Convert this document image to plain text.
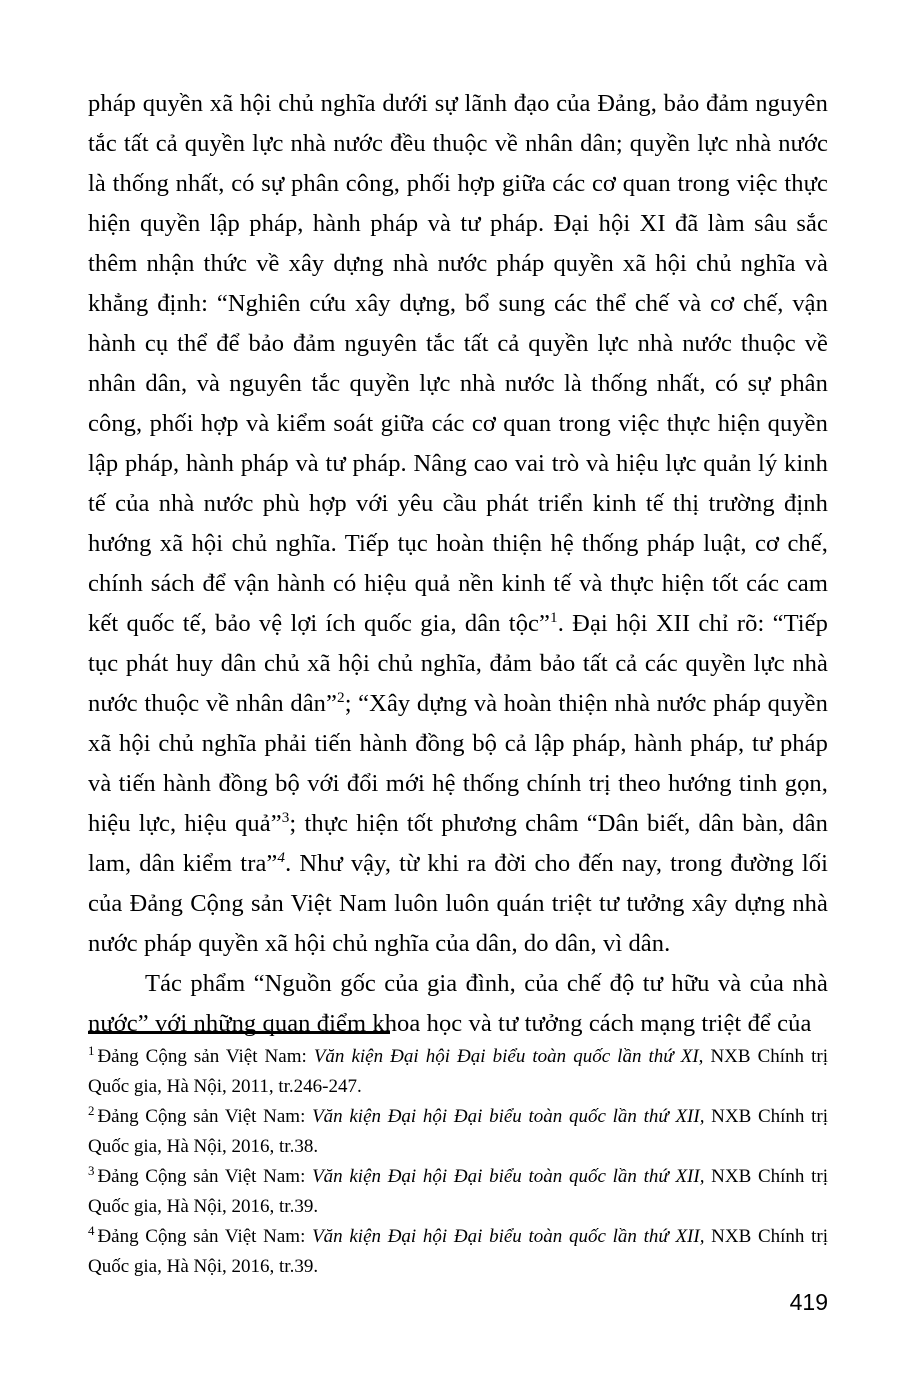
pháp quyền xã hội chủ nghĩa dưới sự lãnh đạo của Đảng, bảo đảm nguyên tắc tất cả quyền lực nhà nước đều thuộc về nhân dân; quyền lực nhà nước là thống nhất, có sự phân công, phối hợp giữa các cơ quan trong việc thực hiện quyền lập pháp, hành pháp và tư pháp. Đại hội XI đã làm sâu sắc thêm nhận thức về xây dựng nhà nước pháp quyền xã hội chủ nghĩa và khẳng định: “Nghiên cứu xây dựng, bổ sung các thể chế và cơ chế, vận hành cụ thể để bảo đảm nguyên tắc tất cả quyền lực nhà nước thuộc về nhân dân, và nguyên tắc quyền lực nhà nước là thống nhất, có sự phân công, phối hợp và kiểm soát giữa các cơ quan trong việc thực hiện quyền lập pháp, hành pháp và tư pháp. Nâng cao vai trò và hiệu lực quản lý kinh tế của nhà nước phù hợp với yêu cầu phát triển kinh tế thị trường định hướng xã hội chủ nghĩa. Tiếp tục hoàn thiện hệ thống pháp luật, cơ chế, chính sách để vận hành có hiệu quả nền kinh tế và thực hiện tốt các cam kết quốc tế, bảo vệ lợi ích quốc gia, dân tộc”$^1$. Đại hội XII chỉ rõ: “Tiếp tục phát huy dân chủ xã hội chủ nghĩa, đảm bảo tất cả các quyền lực nhà nước thuộc về nhân dân”$^2$; “Xây dựng và hoàn thiện nhà nước pháp quyền xã hội chủ nghĩa phải tiến hành đồng bộ cả lập pháp, hành pháp, tư pháp và tiến hành đồng bộ với đổi mới hệ thống chính trị theo hướng tinh gọn, hiệu lực, hiệu quả”$^3$; thực hiện tốt phương châm “Dân biết, dân bàn, dân lam, dân kiểm tra”$^4$. Như vậy, từ khi ra đời cho đến nay, trong đường lối của Đảng Cộng sản Việt Nam luôn luôn quán triệt tư tưởng xây dựng nhà nước pháp quyền xã hội chủ nghĩa của dân, do dân, vì dân.

Tác phẩm “Nguồn gốc của gia đình, của chế độ tư hữu và của nhà nước” với những quan điểm khoa học và tư tưởng cách mạng triệt để của

$^1$ Đảng Cộng sản Việt Nam: Văn kiện Đại hội Đại biểu toàn quốc lần thứ XI, NXB Chính trị Quốc gia, Hà Nội, 2011, tr.246-247.

$^2$ Đảng Cộng sản Việt Nam: Văn kiện Đại hội Đại biểu toàn quốc lần thứ XII, NXB Chính trị Quốc gia, Hà Nội, 2016, tr.38.

$^3$ Đảng Cộng sản Việt Nam: Văn kiện Đại hội Đại biểu toàn quốc lần thứ XII, NXB Chính trị Quốc gia, Hà Nội, 2016, tr.39.

$^4$ Đảng Cộng sản Việt Nam: Văn kiện Đại hội Đại biểu toàn quốc lần thứ XII, NXB Chính trị Quốc gia, Hà Nội, 2016, tr.39.

419
